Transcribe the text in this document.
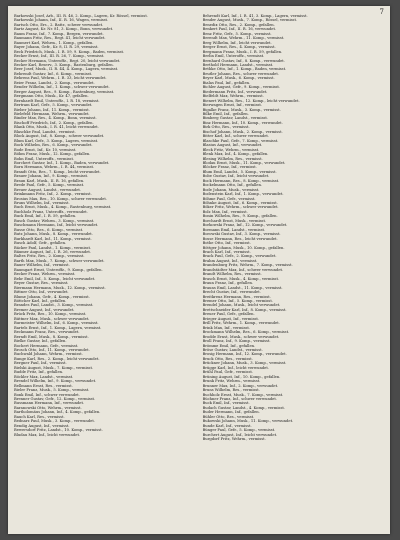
7

Barkowski Josef, Arb., III. R. 46, 2. Komp., Lagern, Kr. Rössel, vermisst.

Barkowski Johann, Inf., II. R. 16, Wagen, vermisst.

Bartsch Otto, Ers., 2. Battr., schwer verwundet.

Bartz August, Kr. Nr. 81, 3. Komp., Bonn, verwundet.

Baum Franz, Inf., 7. Komp., Bergen, verwundet.

Baumann Fritz, Res., Regt. 41, leicht verwundet.

Baumert Karl, Wehrm., 1. Komp., gefallen.

Bayer Johann, Gefr., Kr. 8, II. R. 29, vermisst.

Beck Friedrich, Musk., I. R. 59, 9. Komp., Baden, vermisst.

Becker Ernst, Inf., III. R. 26, 7. Komp., vermisst.

Becker Hermann, Unteroffz., Regt. 20, leicht verwundet.

Becker Karl, Reserv., 3. Komp., Rastenburg, gefallen.

Beer Josef, Musk., II. R. 44, 4. Komp., Lagern, vermisst.

Behrendt Gustav, Inf., 6. Komp., vermisst.

Behrens Paul, Wehrm., I. R. 33, leicht verwundet.

Beier Franz, Landst., 2. Komp., verwundet.

Bender Wilhelm, Inf., 1. Komp., schwer verwundet.

Berger August, Res., 9. Komp., Rastenburg, vermisst.

Bergmann Otto, Musk., Kr. 47, gefallen.

Bernhardt Emil, Unteroffz., I. R. 18, vermisst.

Bertram Karl, Gefr., 5. Komp., verwundet.

Bieber Johann, Inf., 11. Komp., vermisst.

Bielefeld Hermann, Wehrm., verwundet.

Binder Max, Res., 4. Komp., Bonn, vermisst.

Bischoff Friedrich, Inf., 2. Komp., gefallen.

Blank Otto, Musk., I. R. 41, leicht verwundet.

Blaschke Paul, Landst., vermisst.

Block August, Inf., 8. Komp., schwer verwundet.

Blum Karl, Gefr., 3. Komp., Lagern, vermisst.

Bock Wilhelm, Res., 6. Komp., verwundet.

Bode Ernst, Inf., Kr. 10, vermisst.

Böhm Franz, Musk., 12. Komp., gefallen.

Bohn Emil, Unteroffz., vermisst.

Borchert Gustav, Inf., 1. Komp., Baden, verwundet.

Born Hermann, Wehrm., I. R. 44, vermisst.

Brandt Otto, Res., 7. Komp., leicht verwundet.

Brauer Johann, Inf., 9. Komp., vermisst.

Braun Karl, Musk., II. R. 16, gefallen.

Brede Paul, Gefr., 5. Komp., vermisst.

Breuer August, Landst., verwundet.

Brinkmann Fritz, Inf., 2. Komp., vermisst.

Brosius Max, Res., 10. Komp., schwer verwundet.

Bruns Wilhelm, Inf., vermisst.

Buch Ernst, Musk., 4. Komp., Rastenburg, vermisst.

Buchholz Franz, Unteroffz., verwundet.

Buck Emil, Inf., I. R. 59, gefallen.

Busch Gustav, Wehrm., 3. Komp., vermisst.

Buschmann Hermann, Inf., leicht verwundet.

Busse Otto, Res., 6. Komp., vermisst.

Butz Johann, Musk., 8. Komp., verwundet.

Burkhardt Karl, Inf., 11. Komp., vermisst.

Busch Adolf, Gefr., gefallen.

Bäcker Paul, Landst., 1. Komp., vermisst.

Bäumer August, Inf., I. R. 26, verwundet.

Baltes Fritz, Res., 2. Komp., vermisst.

Barth Max, Musk., 7. Komp., schwer verwundet.

Bauer Wilhelm, Inf., vermisst.

Baumgart Ernst, Unteroffz., 9. Komp., gefallen.

Becker Franz, Wehrm., vermisst.

Behr Emil, Inf., 5. Komp., leicht verwundet.

Beyer Gustav, Res., vermisst.

Biermann Hermann, Musk., 12. Komp., vermisst.

Bittner Otto, Inf., verwundet.

Blume Johann, Gefr., 4. Komp., vermisst.

Böttcher Karl, Inf., gefallen.

Brandes Paul, Landst., 3. Komp., vermisst.

Bremer August, Inf., verwundet.

Brück Fritz, Res., 10. Komp., vermisst.

Büttner Max, Musk., schwer verwundet.

Burmeister Wilhelm, Inf., 6. Komp., vermisst.

Bartels Ernst, Inf., 1. Komp., Lagern, vermisst.

Beckmann Franz, Res., verwundet.

Berndt Emil, Musk., 8. Komp., vermisst.

Bielke Gustav, Inf., gefallen.

Bochert Hermann, Gefr., vermisst.

Brosch Otto, Inf., 11. Komp., verwundet.

Buchwald Johann, Wehrm., vermisst.

Bunge Karl, Res., 2. Komp., leicht verwundet.

Bergner Paul, Inf., vermisst.

Bielski August, Musk., 7. Komp., vermisst.

Budde Fritz, Inf., gefallen.

Böckler Max, Landst., vermisst.

Brendel Wilhelm, Inf., 9. Komp., verwundet.

Bellmann Ernst, Res., vermisst.

Bieler Franz, Musk., 5. Komp., vermisst.

Bonk Emil, Inf., schwer verwundet.

Brenner Gustav, Gefr., 12. Komp., vermisst.

Bussmann Hermann, Inf., verwundet.

Baranowski Otto, Wehrm., vermisst.

Bartholomäus Johann, Inf., 4. Komp., gefallen.

Bauch Karl, Res., vermisst.

Bednarz Paul, Musk., 3. Komp., verwundet.

Bendig August, Inf., vermisst.

Bewersdorf Fritz, Landst., 10. Komp., vermisst.

Bludau Max, Inf., leicht verwundet.

Behrendt Karl, Inf., I. R. 41, 3. Komp., Lagern, vermisst.

Bender August, Musk., 7. Komp., Rössel, vermisst.

Benedix Otto, Res., 2. Komp., gefallen.

Benkert Paul, Inf., II. R. 16, verwundet.

Benz Fritz, Gefr., 5. Komp., vermisst.

Berendt Max, Wehrm., 11. Komp., vermisst.

Berg Wilhelm, Inf., leicht verwundet.

Berger Ernst, Res., 4. Komp., vermisst.

Bergmann Franz, Musk., I. R. 59, gefallen.

Berlin Emil, Unteroffz., vermisst.

Bernhard Gustav, Inf., 8. Komp., verwundet.

Berthold Hermann, Landst., vermisst.

Bethke Otto, Inf., 1. Komp., Baden, vermisst.

Beutler Johann, Res., schwer verwundet.

Beyer Karl, Musk., 6. Komp., vermisst.

Bialas Paul, Inf., gefallen.

Bichler August, Gefr., 9. Komp., vermisst.

Biedermann Fritz, Inf., verwundet.

Bielfeldt Max, Wehrm., vermisst.

Bienert Wilhelm, Res., 12. Komp., leicht verwundet.

Bierwagen Ernst, Inf., vermisst.

Bigalke Franz, Musk., 3. Komp., vermisst.

Bilke Emil, Inf., gefallen.

Bimberg Gustav, Landst., vermisst.

Binz Hermann, Inf., 10. Komp., verwundet.

Birk Otto, Res., vermisst.

Bischof Johann, Musk., 2. Komp., vermisst.

Bitter Karl, Inf., schwer verwundet.

Blaschke Paul, Gefr., 7. Komp., vermisst.

Blasius August, Inf., verwundet.

Bleck Fritz, Wehrm., vermisst.

Blenk Max, Inf., 4. Komp., gefallen.

Blesing Wilhelm, Res., vermisst.

Blodau Ernst, Musk., 11. Komp., verwundet.

Blöcker Franz, Inf., vermisst.

Blum Emil, Landst., 5. Komp., vermisst.

Bobe Gustav, Inf., leicht verwundet.

Bock Hermann, Res., 8. Komp., vermisst.

Bockelmann Otto, Inf., gefallen.

Bode Johann, Musk., vermisst.

Bodenstein Karl, Inf., 1. Komp., verwundet.

Böhme Paul, Gefr., vermisst.

Böhnke August, Inf., 6. Komp., vermisst.

Böker Fritz, Wehrm., schwer verwundet.

Bolz Max, Inf., vermisst.

Bonin Wilhelm, Res., 9. Komp., gefallen.

Borchardt Ernst, Musk., vermisst.

Borkowski Franz, Inf., 12. Komp., verwundet.

Bormann Emil, Landst., vermisst.

Borowski Gustav, Inf., 3. Komp., vermisst.

Bosse Hermann, Res., leicht verwundet.

Bothe Otto, Inf., vermisst.

Böttger Johann, Musk., 10. Komp., gefallen.

Brach Karl, Inf., vermisst.

Brack Paul, Gefr., 2. Komp., verwundet.

Brahm August, Inf., vermisst.

Brandenburg Fritz, Wehrm., 7. Komp., vermisst.

Brandstädter Max, Inf., schwer verwundet.

Brandt Wilhelm, Res., vermisst.

Brasch Ernst, Musk., 4. Komp., vermisst.

Braun Franz, Inf., gefallen.

Brauns Emil, Landst., 11. Komp., vermisst.

Brecht Gustav, Inf., verwundet.

Breitkreuz Hermann, Res., vermisst.

Bremer Otto, Inf., 5. Komp., vermisst.

Brendel Johann, Musk., leicht verwundet.

Brettschneider Karl, Inf., 8. Komp., vermisst.

Breuer Paul, Gefr., gefallen.

Brieger August, Inf., vermisst.

Brill Fritz, Wehrm., 1. Komp., verwundet.

Brink Max, Inf., vermisst.

Brockmann Wilhelm, Res., 6. Komp., vermisst.

Brodde Ernst, Musk., schwer verwundet.

Broll Franz, Inf., 9. Komp., vermisst.

Brömme Emil, Inf., gefallen.

Bröse Gustav, Landst., vermisst.

Brosig Hermann, Inf., 12. Komp., verwundet.

Bruck Otto, Res., vermisst.

Brückner Johann, Musk., 3. Komp., vermisst.

Brügge Karl, Inf., leicht verwundet.

Brühl Paul, Gefr., vermisst.

Brüning August, Inf., 10. Komp., gefallen.

Brunk Fritz, Wehrm., vermisst.

Brunner Max, Inf., 2. Komp., verwundet.

Bruns Wilhelm, Res., vermisst.

Buchholz Ernst, Musk., 7. Komp., vermisst.

Büchner Franz, Inf., schwer verwundet.

Buck Emil, Inf., vermisst.

Budach Gustav, Landst., 4. Komp., vermisst.

Buder Hermann, Inf., gefallen.

Bühler Otto, Res., vermisst.

Bukowski Johann, Musk., 11. Komp., verwundet.

Bunde Karl, Inf., vermisst.

Bünger Paul, Gefr., 5. Komp., vermisst.

Burchert August, Inf., leicht verwundet.

Burgdorf Fritz, Wehrm., vermisst.
